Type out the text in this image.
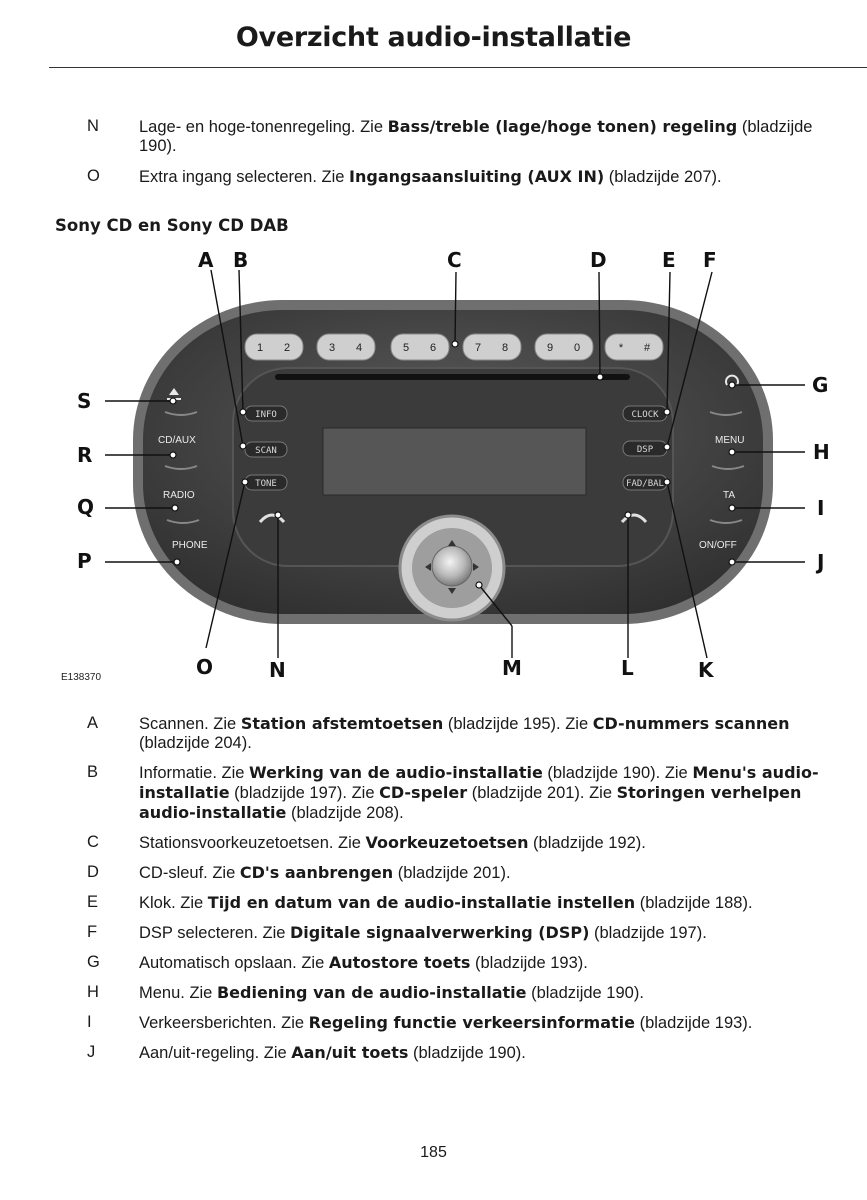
Overzicht audio-installatie
N	Lage- en hoge-tonenregeling. Zie Bass/treble (lage/hoge tonen) regeling (bladzijde 190).
O	Extra ingang selecteren. Zie Ingangsaansluiting (AUX IN) (bladzijde 207).
Sony CD en Sony CD DAB
1 2	3 4	5 6	7 8	9 0	* #
INFO
SCAN
TONE
CLOCK
DSP
FAD/BAL
CD/AUX
RADIO
PHONE
MENU
TA
ON/OFF
A B	C	D	E F
G
H
I
J
K
L
M
N
O
P
Q
R
S
E138370
A	Scannen. Zie Station afstemtoetsen (bladzijde 195). Zie CD-nummers scannen (bladzijde 204).
B	Informatie. Zie Werking van de audio-installatie (bladzijde 190). Zie Menu's audio-installatie (bladzijde 197). Zie CD-speler (bladzijde 201). Zie Storingen verhelpen audio-installatie (bladzijde 208).
C	Stationsvoorkeuzetoetsen. Zie Voorkeuzetoetsen (bladzijde 192).
D	CD-sleuf. Zie CD's aanbrengen (bladzijde 201).
E	Klok. Zie Tijd en datum van de audio-installatie instellen (bladzijde 188).
F	DSP selecteren. Zie Digitale signaalverwerking (DSP) (bladzijde 197).
G	Automatisch opslaan. Zie Autostore toets (bladzijde 193).
H	Menu. Zie Bediening van de audio-installatie (bladzijde 190).
I	Verkeersberichten. Zie Regeling functie verkeersinformatie (bladzijde 193).
J	Aan/uit-regeling. Zie Aan/uit toets (bladzijde 190).
185
